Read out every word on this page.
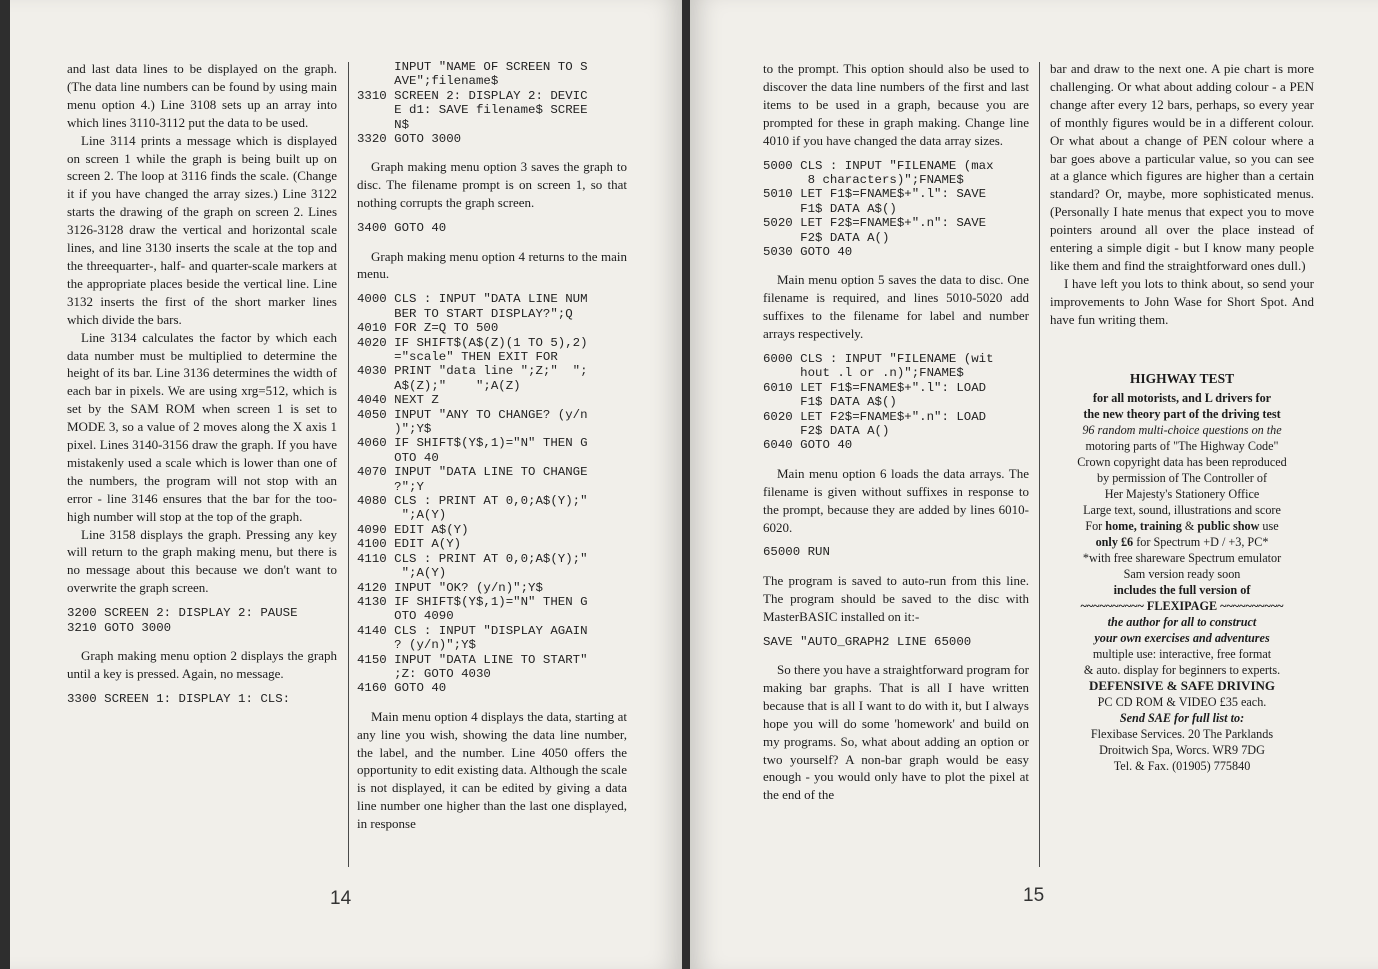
and last data lines to be displayed on the graph. (The data line numbers can be found by using main menu option 4.) Line 3108 sets up an array into which lines 3110-3112 put the data to be used.

Line 3114 prints a message which is displayed on screen 1 while the graph is being built up on screen 2. The loop at 3116 finds the scale. (Change it if you have changed the array sizes.) Line 3122 starts the drawing of the graph on screen 2. Lines 3126-3128 draw the vertical and horizontal scale lines, and line 3130 inserts the scale at the top and the threequarter-, half- and quarter-scale markers at the appropriate places beside the vertical line. Line 3132 inserts the first of the short marker lines which divide the bars.

Line 3134 calculates the factor by which each data number must be multiplied to determine the height of its bar. Line 3136 determines the width of each bar in pixels. We are using xrg=512, which is set by the SAM ROM when screen 1 is set to MODE 3, so a value of 2 moves along the X axis 1 pixel. Lines 3140-3156 draw the graph. If you have mistakenly used a scale which is lower than one of the numbers, the program will not stop with an error - line 3146 ensures that the bar for the too-high number will stop at the top of the graph.

Line 3158 displays the graph. Pressing any key will return to the graph making menu, but there is no message about this because we don't want to overwrite the graph screen.

3200 SCREEN 2: DISPLAY 2: PAUSE
3210 GOTO 3000

Graph making menu option 2 displays the graph until a key is pressed. Again, no message.

3300 SCREEN 1: DISPLAY 1: CLS:
INPUT "NAME OF SCREEN TO S
AVE";filename$
3310 SCREEN 2: DISPLAY 2: DEVIC
E d1: SAVE filename$ SCREE
N$
3320 GOTO 3000

Graph making menu option 3 saves the graph to disc. The filename prompt is on screen 1, so that nothing corrupts the graph screen.

3400 GOTO 40

Graph making menu option 4 returns to the main menu.

4000 CLS : INPUT "DATA LINE NUM
BER TO START DISPLAY?";Q
4010 FOR Z=Q TO 500
4020 IF SHIFT$(A$(Z)(1 TO 5),2)
="scale" THEN EXIT FOR
4030 PRINT "data line ";Z;"  ";
A$(Z);"    ";A(Z)
4040 NEXT Z
4050 INPUT "ANY TO CHANGE? (y/n
)";Y$
4060 IF SHIFT$(Y$,1)="N" THEN G
OTO 40
4070 INPUT "DATA LINE TO CHANGE
?";Y
4080 CLS : PRINT AT 0,0;A$(Y);"
";A(Y)
4090 EDIT A$(Y)
4100 EDIT A(Y)
4110 CLS : PRINT AT 0,0;A$(Y);"
";A(Y)
4120 INPUT "OK? (y/n)";Y$
4130 IF SHIFT$(Y$,1)="N" THEN G
OTO 4090
4140 CLS : INPUT "DISPLAY AGAIN
? (y/n)";Y$
4150 INPUT "DATA LINE TO START"
;Z: GOTO 4030
4160 GOTO 40

Main menu option 4 displays the data, starting at any line you wish, showing the data line number, the label, and the number. Line 4050 offers the opportunity to edit existing data. Although the scale is not displayed, it can be edited by giving a data line number one higher than the last one displayed, in response

14

to the prompt. This option should also be used to discover the data line numbers of the first and last items to be used in a graph, because you are prompted for these in graph making. Change line 4010 if you have changed the data array sizes.

5000 CLS : INPUT "FILENAME (max
8 characters)";FNAME$
5010 LET F1$=FNAME$+".l": SAVE
F1$ DATA A$()
5020 LET F2$=FNAME$+".n": SAVE
F2$ DATA A()
5030 GOTO 40

Main menu option 5 saves the data to disc. One filename is required, and lines 5010-5020 add suffixes to the filename for label and number arrays respectively.

6000 CLS : INPUT "FILENAME (wit
hout .l or .n)";FNAME$
6010 LET F1$=FNAME$+".l": LOAD
F1$ DATA A$()
6020 LET F2$=FNAME$+".n": LOAD
F2$ DATA A()
6040 GOTO 40

Main menu option 6 loads the data arrays. The filename is given without suffixes in response to the prompt, because they are added by lines 6010-6020.

65000 RUN

The program is saved to auto-run from this line. The program should be saved to the disc with MasterBASIC installed on it:-

SAVE "AUTO_GRAPH2 LINE 65000

So there you have a straightforward program for making bar graphs. That is all I have written because that is all I want to do with it, but I always hope you will do some 'homework' and build on my programs. So, what about adding an option or two yourself? A non-bar graph would be easy enough - you would only have to plot the pixel at the end of the

bar and draw to the next one. A pie chart is more challenging. Or what about adding colour - a PEN change after every 12 bars, perhaps, so every year of monthly figures would be in a different colour. Or what about a change of PEN colour where a bar goes above a particular value, so you can see at a glance which figures are higher than a certain standard? Or, maybe, more sophisticated menus. (Personally I hate menus that expect you to move pointers around all over the place instead of entering a simple digit - but I know many people like them and find the straightforward ones dull.)

I have left you lots to think about, so send your improvements to John Wase for Short Spot. And have fun writing them.

HIGHWAY TEST
for all motorists, and L drivers for
the new theory part of the driving test
96 random multi-choice questions on the
motoring parts of "The Highway Code"
Crown copyright data has been reproduced
by permission of The Controller of
Her Majesty's Stationery Office
Large text, sound, illustrations and score
For home, training & public show use
only £6 for Spectrum +D / +3, PC*
*with free shareware Spectrum emulator
Sam version ready soon
includes the full version of
~~~~~~~~~~ FLEXIPAGE ~~~~~~~~~~
the author for all to construct
your own exercises and adventures
multiple use: interactive, free format
& auto. display for beginners to experts.
DEFENSIVE & SAFE DRIVING
PC CD ROM & VIDEO £35 each.
Send SAE for full list to:
Flexibase Services. 20 The Parklands
Droitwich Spa, Worcs. WR9 7DG
Tel. & Fax. (01905) 775840
15
